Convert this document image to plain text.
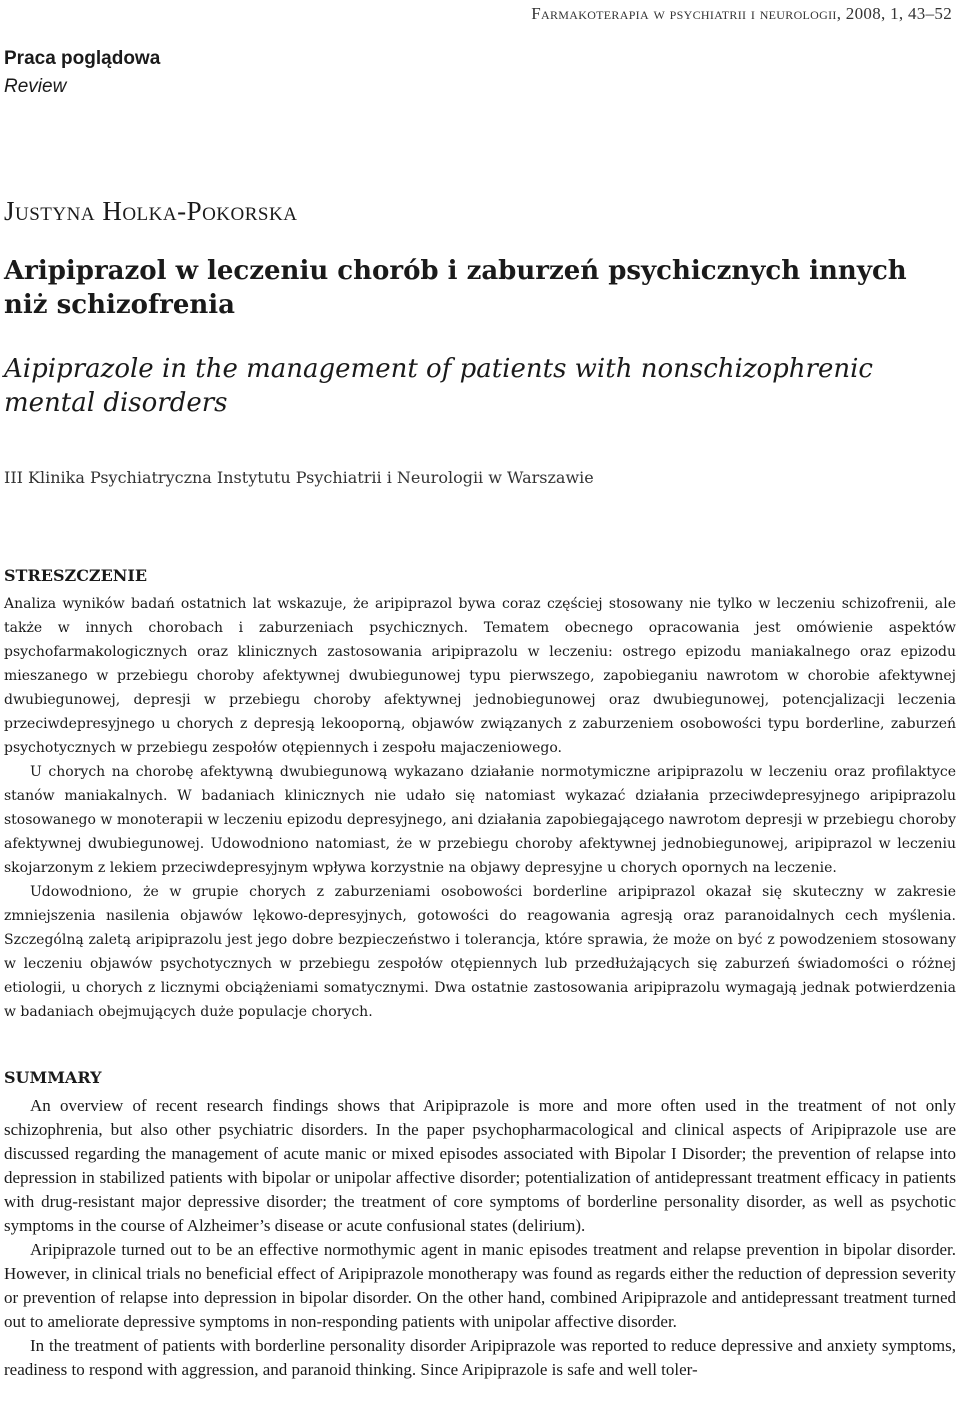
Farmakoterapia w psychiatrii i neurologii, 2008, 1, 43–52
Praca poglądowa
Review
Justyna Holka-Pokorska
Aripiprazol w leczeniu chorób i zaburzeń psychicznych innych niż schizofrenia
Aipiprazole in the management of patients with nonschizophrenic mental disorders
III Klinika Psychiatryczna Instytutu Psychiatrii i Neurologii w Warszawie
STRESZCZENIE

Analiza wyników badań ostatnich lat wskazuje, że aripiprazol bywa coraz częściej stosowany nie tylko w leczeniu schizofrenii, ale także w innych chorobach i zaburzeniach psychicznych. Tematem obecnego opracowania jest omówienie aspektów psychofarmakologicznych oraz klinicznych zastosowania aripiprazolu w leczeniu: ostrego epizodu maniakalnego oraz epizodu mieszanego w przebiegu choroby afektywnej dwubiegunowej typu pierwszego, zapobieganiu nawrotom w chorobie afektywnej dwubiegunowej, depresji w przebiegu choroby afektywnej jednobiegunowej oraz dwubiegunowej, potencjalizacji leczenia przeciwdepresyjnego u chorych z depresją lekooporną, objawów związanych z zaburzeniem osobowości typu borderline, zaburzeń psychotycznych w przebiegu zespołów otępiennych i zespołu majaczeniowego.

U chorych na chorobę afektywną dwubiegunową wykazano działanie normotymiczne aripiprazolu w leczeniu oraz profilaktyce stanów maniakalnych. W badaniach klinicznych nie udało się natomiast wykazać działania przeciwdepresyjnego aripiprazolu stosowanego w monoterapii w leczeniu epizodu depresyjnego, ani działania zapobiegającego nawrotom depresji w przebiegu choroby afektywnej dwubiegunowej. Udowodniono natomiast, że w przebiegu choroby afektywnej jednobiegunowej, aripiprazol w leczeniu skojarzonym z lekiem przeciwdepresyjnym wpływa korzystnie na objawy depresyjne u chorych opornych na leczenie.

Udowodniono, że w grupie chorych z zaburzeniami osobowości borderline aripiprazol okazał się skuteczny w zakresie zmniejszenia nasilenia objawów lękowo-depresyjnych, gotowości do reagowania agresją oraz paranoidalnych cech myślenia. Szczególną zaletą aripiprazolu jest jego dobre bezpieczeństwo i tolerancja, które sprawia, że może on być z powodzeniem stosowany w leczeniu objawów psychotycznych w przebiegu zespołów otępiennych lub przedłużających się zaburzeń świadomości o różnej etiologii, u chorych z licznymi obciążeniami somatycznymi. Dwa ostatnie zastosowania aripiprazolu wymagają jednak potwierdzenia w badaniach obejmujących duże populacje chorych.

SUMMARY

An overview of recent research findings shows that Aripiprazole is more and more often used in the treatment of not only schizophrenia, but also other psychiatric disorders. In the paper psychopharmacological and clinical aspects of Aripiprazole use are discussed regarding the management of acute manic or mixed episodes associated with Bipolar I Disorder; the prevention of relapse into depression in stabilized patients with bipolar or unipolar affective disorder; potentialization of antidepressant treatment efficacy in patients with drug-resistant major depressive disorder; the treatment of core symptoms of borderline personality disorder, as well as psychotic symptoms in the course of Alzheimer’s disease or acute confusional states (delirium).

Aripiprazole turned out to be an effective normothymic agent in manic episodes treatment and relapse prevention in bipolar disorder. However, in clinical trials no beneficial effect of Aripiprazole monotherapy was found as regards either the reduction of depression severity or prevention of relapse into depression in bipolar disorder. On the other hand, combined Aripiprazole and antidepressant treatment turned out to ameliorate depressive symptoms in non-responding patients with unipolar affective disorder.

In the treatment of patients with borderline personality disorder Aripiprazole was reported to reduce depressive and anxiety symptoms, readiness to respond with aggression, and paranoid thinking. Since Aripiprazole is safe and well toler-
